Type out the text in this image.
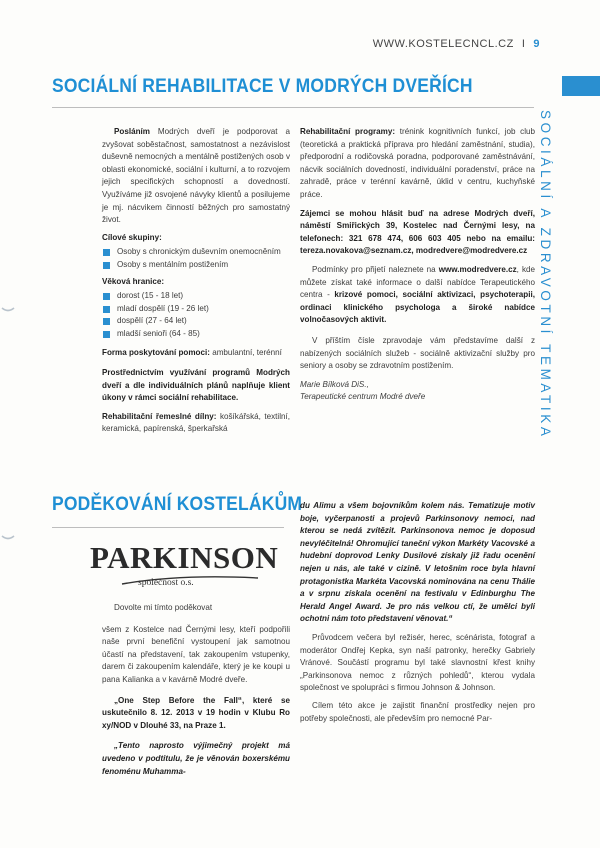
WWW.KOSTELECNCL.CZ I 9
SOCIÁLNÍ A ZDRAVOTNÍ TEMATIKA
SOCIÁLNÍ REHABILITACE V MODRÝCH DVEŘÍCH

Posláním Modrých dveří je podporovat a zvyšovat soběstačnost, samostatnost a nezávislost duševně nemocných a mentálně postižených osob v oblasti ekonomické, sociální i kulturní, a to rozvojem jejich specifických schopností a dovedností. Využíváme již osvojené návyky klientů a posilujeme je mj. nácvikem činností běžných pro samostatný život.

Cílové skupiny:
Osoby s chronickým duševním onemocněním
Osoby s mentálním postižením
Věková hranice:
dorost (15 - 18 let)
mladí dospělí (19 - 26 let)
dospělí (27 - 64 let)
mladší senioři (64 - 85)

Forma poskytování pomoci: ambulantní, terénní

Prostřednictvím využívání programů Modrých dveří a dle individuálních plánů naplňuje klient úkony v rámci sociální rehabilitace.

Rehabilitační řemeslné dílny: košíkářská, textilní, keramická, papírenská, šperkařská

Rehabilitační programy: trénink kognitivních funkcí, job club (teoretická a praktická příprava pro hledání zaměstnání, studia), předporodní a rodičovská poradna, podporované zaměstnávání, nácvik sociálních dovedností, individuální poradenství, práce na zahradě, práce v terénní kavárně, úklid v centru, kuchyňské práce.

Zájemci se mohou hlásit buď na adrese Modrých dveří, náměstí Smiřických 39, Kostelec nad Černými lesy, na telefonech: 321 678 474, 606 603 405 nebo na emailu: tereza.novakova@seznam.cz, modredvere@modredvere.cz

Podmínky pro přijetí naleznete na www.modredvere.cz, kde můžete získat také informace o další nabídce Terapeutického centra - krizové pomoci, sociální aktivizaci, psychoterapii, ordinaci klinického psychologa a široké nabídce volnočasových aktivit.

V příštím čísle zpravodaje vám představíme další z nabízených sociálních služeb - sociálně aktivizační služby pro seniory a osoby se zdravotním postižením.

Marie Bílková DiS.,

Terapeutické centrum Modré dveře

PODĚKOVÁNÍ KOSTELÁKŮM
PARKINSON
společnost o.s.

Dovolte mi tímto poděkovat

všem z Kostelce nad Černými lesy, kteří podpořili naše první benefiční vystoupení jak samotnou účastí na představení, tak zakoupením vstupenky, darem či zakoupením kalendáře, který je ke koupi u pana Kalianka a v kavárně Modré dveře.

„One Step Before the Fall“, které se uskutečnilo 8. 12. 2013 v 19 hodin v Klubu Ro xy/NOD v Dlouhé 33, na Praze 1.

„Tento naprosto výjimečný projekt má uvedeno v podtitulu, že je věnován boxerskému fenoménu Muhamma-

du Alimu a všem bojovníkům kolem nás. Tematizuje motiv boje, vyčerpanosti a projevů Parkinsonovy nemoci, nad kterou se nedá zvítězit. Parkinsonova nemoc je doposud nevyléčitelná! Ohromující taneční výkon Markéty Vacovské a hudební doprovod Lenky Dusilové získaly již řadu ocenění nejen u nás, ale také v cizině. V letošním roce byla hlavní protagonistka Markéta Vacovská nominována na cenu Thálie a v srpnu získala ocenění na festivalu v Edinburghu The Herald Angel Award. Je pro nás velkou ctí, že umělci byli ochotni nám toto představení věnovat.“

Průvodcem večera byl režisér, herec, scénárista, fotograf a moderátor Ondřej Kepka, syn naší patronky, herečky Gabriely Vránové. Součástí programu byl také slavnostní křest knihy „Parkinsonova nemoc z různých pohledů“, kterou vydala společnost ve spolupráci s firmou Johnson & Johnson.

Cílem této akce je zajistit finanční prostředky nejen pro potřeby společnosti, ale především pro nemocné Par-
